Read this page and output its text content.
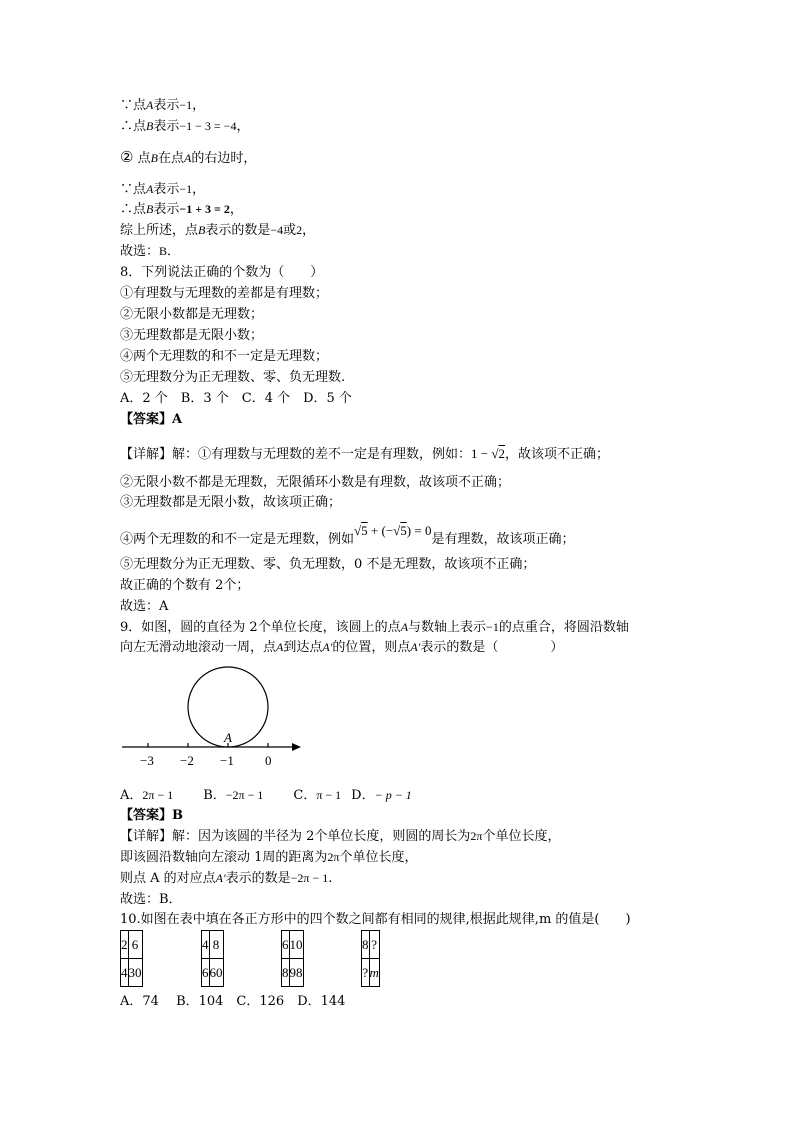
∵点A表示−1，
∴点B表示−1 − 3 = −4，
② 点B在点A的右边时，
∵点A表示−1，
∴点B表示−1 + 3 = 2，
综上所述，点B表示的数是−4或2，
故选：B．
8．下列说法正确的个数为（　　）
①有理数与无理数的差都是有理数；
②无限小数都是无理数；
③无理数都是无限小数；
④两个无理数的和不一定是无理数；
⑤无理数分为正无理数、零、负无理数.
A．2 个　B．3 个　C．4 个　D．5 个
【答案】A
【详解】解：①有理数与无理数的差不一定是有理数，例如：1 − √2，故该项不正确；
②无限小数不都是无理数，无限循环小数是有理数，故该项不正确；
③无理数都是无限小数，故该项正确；
④两个无理数的和不一定是无理数，例如√5 + (−√5) = 0是有理数，故该项正确；
⑤无理数分为正无理数、零、负无理数，0 不是无理数，故该项不正确；
故正确的个数有 2个；
故选：A
9．如图，圆的直径为 2个单位长度，该圆上的点A与数轴上表示−1的点重合，将圆沿数轴
向左无滑动地滚动一周，点A到达点A′的位置，则点A′表示的数是（　　　　）
A
−3 −2 −1 0
A．2π − 1 B．−2π − 1 C．π − 1 D．− p − 1
【答案】B
【详解】解：因为该圆的半径为 2个单位长度，则圆的周长为2π个单位长度，
即该圆沿数轴向左滚动 1周的距离为2π个单位长度，
则点 A 的对应点A′表示的数是−2π − 1.
故选：B．
10.如图在表中填在各正方形中的四个数之间都有相同的规律,根据此规律,m 的值是(　　)
2	6
4	30
4	8
6	60
6	10
8	98
8	?
?	m
A．74　 B．104　C．126　D．144
